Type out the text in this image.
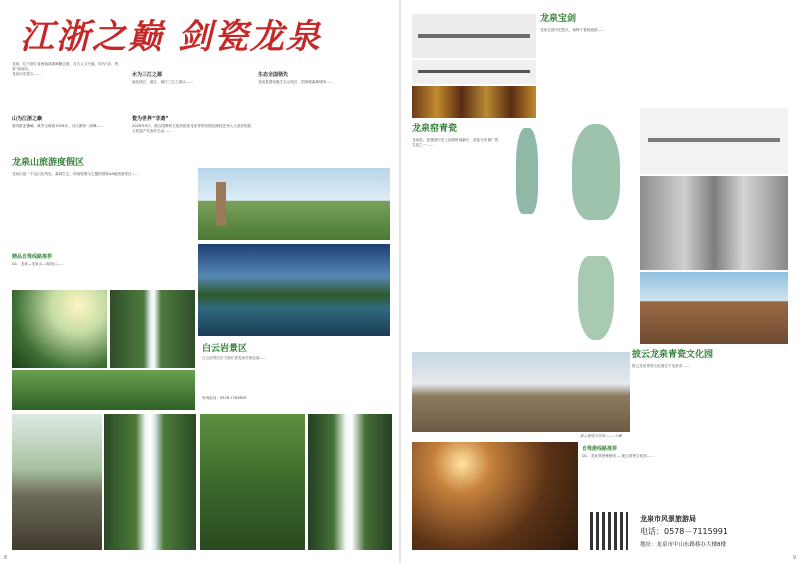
江浙之巅 剑瓷龙泉
龙泉，位于浙江省西南部浙闽赣边境，自古人文兴盛，因为“剑、瓷、茶”而闻名。
龙泉历史悠久……
山为江浙之巅
境内群峦叠嶂，黄茅尖海拔1929米，为江浙第一高峰……
水为三江之源
地处钱江、瓯江、闽江三江之源头……
瓷为世界“非遗”
2009年9月，联合国教科文组织批准龙泉青瓷传统烧制技艺列入人类非物质文化遗产代表作名录……
生态全国领先
龙泉是国家级生态示范区、国家级森林城市……
龙泉山旅游度假区
龙泉山是一个以山岳风光、森林生态、休闲度假为主题的国家4A级旅游景区……
精品自驾线路推荐
D1：龙泉—龙泉山—凤阳山……
白云岩景区
白云岩景区位于浙江省龙泉市西北部……
咨询电话：0578-7763655
8
龙泉宝剑
龙泉宝剑历史悠久，始铸于春秋战国……
龙泉窑青瓷
龙泉窑，是我国历史上烧制时间最长、窑址分布最广的名窑之一……
披云龙泉青瓷文化园
披云龙泉青瓷文化园位于龙泉市……
披云青瓷文化园 —— 金素
自驾游线路推荐
D1：龙泉青瓷博物馆 — 披云青瓷文化园……
龙泉市风景旅游局
电话：0578－7115991
地址：龙泉市中山东路移办大楼8楼
9
